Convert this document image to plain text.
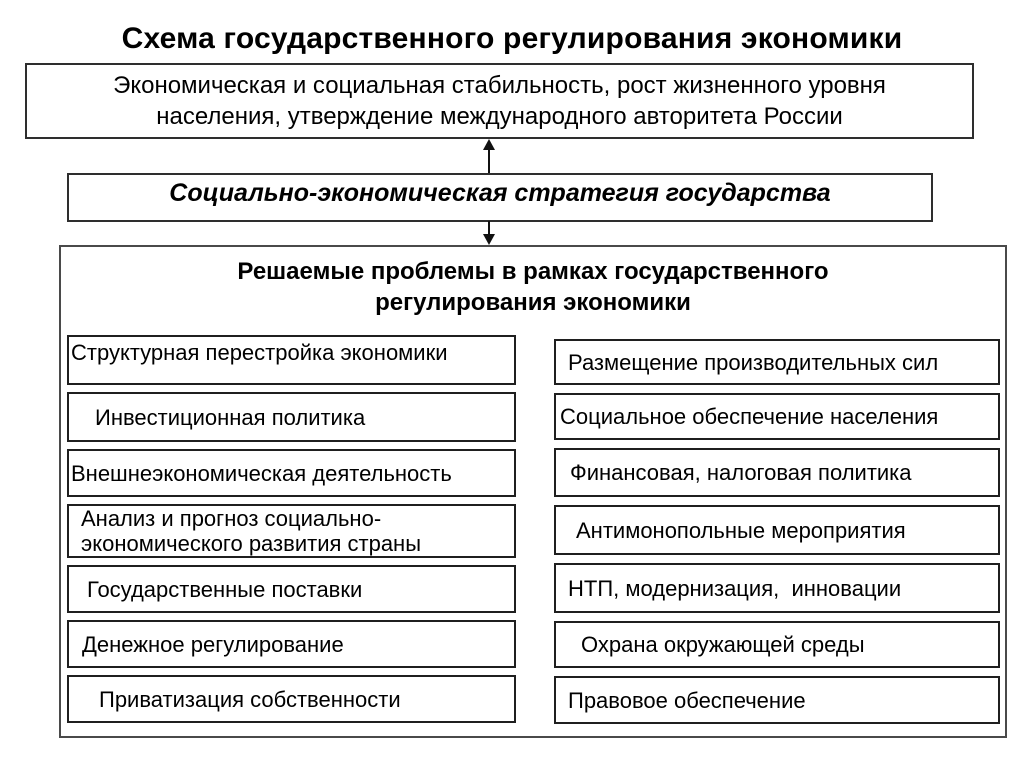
Схема государственного регулирования экономики
Экономическая и социальная стабильность, рост жизненного уровня
населения, утверждение международного авторитета России
Социально-экономическая стратегия государства
Решаемые проблемы в рамках государственного
регулирования экономики
Структурная перестройка экономики
Инвестиционная политика
Внешнеэкономическая деятельность
Анализ и прогноз социально-экономического развития страны
Государственные поставки
Денежное регулирование
Приватизация собственности
Размещение производительных сил
Социальное обеспечение населения
Финансовая, налоговая политика
Антимонопольные мероприятия
НТП, модернизация,  инновации
Охрана окружающей среды
Правовое обеспечение
